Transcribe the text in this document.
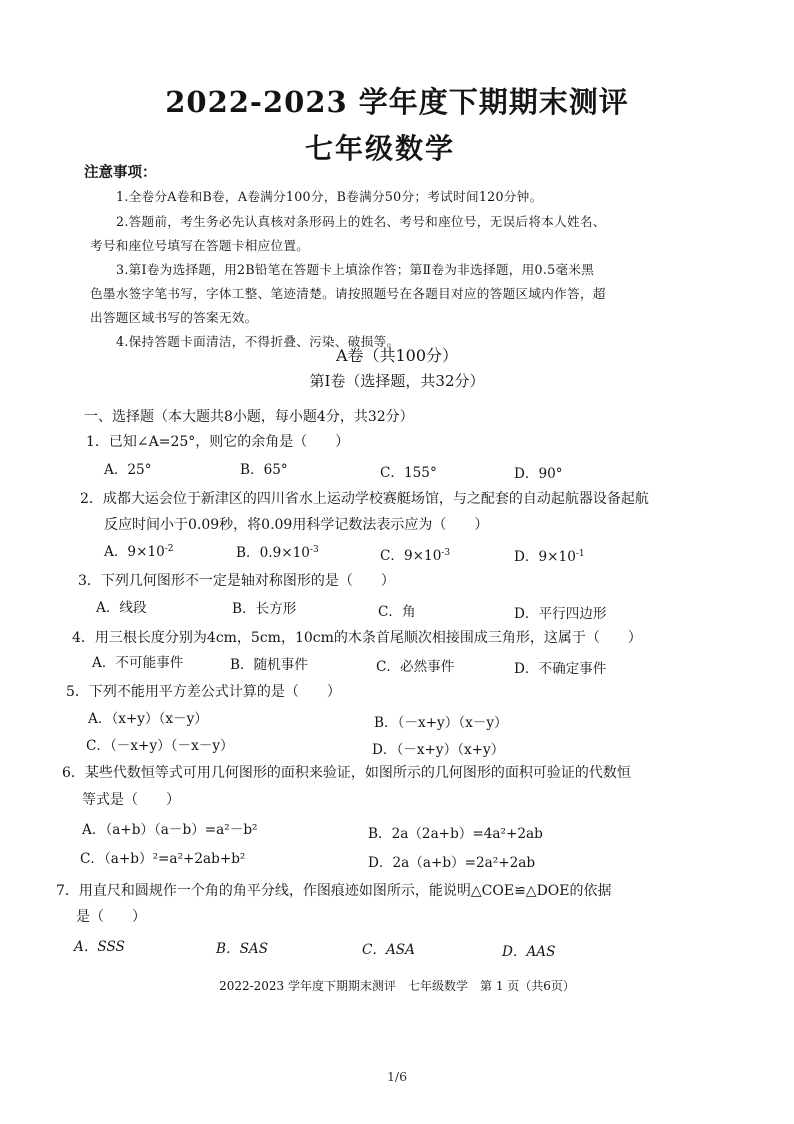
2022-2023 学年度下期期末测评
七年级数学
注意事项：
1.全卷分A卷和B卷，A卷满分100分，B卷满分50分；考试时间120分钟。
2.答题前，考生务必先认真核对条形码上的姓名、考号和座位号，无误后将本人姓名、
考号和座位号填写在答题卡相应位置。
3.第Ⅰ卷为选择题，用2B铅笔在答题卡上填涂作答；第Ⅱ卷为非选择题，用0.5毫米黑
色墨水签字笔书写，字体工整、笔迹清楚。请按照题号在各题目对应的答题区域内作答，超
出答题区域书写的答案无效。
4.保持答题卡面清洁，不得折叠、污染、破损等。
A卷（共100分）
第Ⅰ卷（选择题，共32分）
一、选择题（本大题共8小题，每小题4分，共32分）
1．已知∠A=25°，则它的余角是（　　）
A．25°	B．65°	C．155°	D．90°
2．成都大运会位于新津区的四川省水上运动学校赛艇场馆，与之配套的自动起航器设备起航
反应时间小于0.09秒，将0.09用科学记数法表示应为（　　）
A．$9\times 10^{-2}$	B．$0.9\times 10^{-3}$	C．$9\times 10^{-3}$	D．$9\times 10^{-1}$
3．下列几何图形不一定是轴对称图形的是（　　）
A．线段	B．长方形	C．角	D．平行四边形
4．用三根长度分别为4cm，5cm，10cm的木条首尾顺次相接围成三角形，这属于（　　）
A．不可能事件	B．随机事件	C．必然事件	D．不确定事件
5．下列不能用平方差公式计算的是（　　）
A．（x+y）（x－y）	B．（－x+y）（x－y）
C．（－x+y）（－x－y）	D．（－x+y）（x+y）
6．某些代数恒等式可用几何图形的面积来验证，如图所示的几何图形的面积可验证的代数恒
等式是（　　）
A．（a+b）（a－b）=a²－b²	B．2a（2a+b）=4a²+2ab
C．（a+b）²=a²+2ab+b²	D．2a（a+b）=2a²+2ab
7．用直尺和圆规作一个角的角平分线，作图痕迹如图所示，能说明△COE≌△DOE的依据
是（　　）
A．SSS	B．SAS	C．ASA	D．AAS
2022-2023 学年度下期期末测评　七年级数学　第 1 页（共6页）
1/6
